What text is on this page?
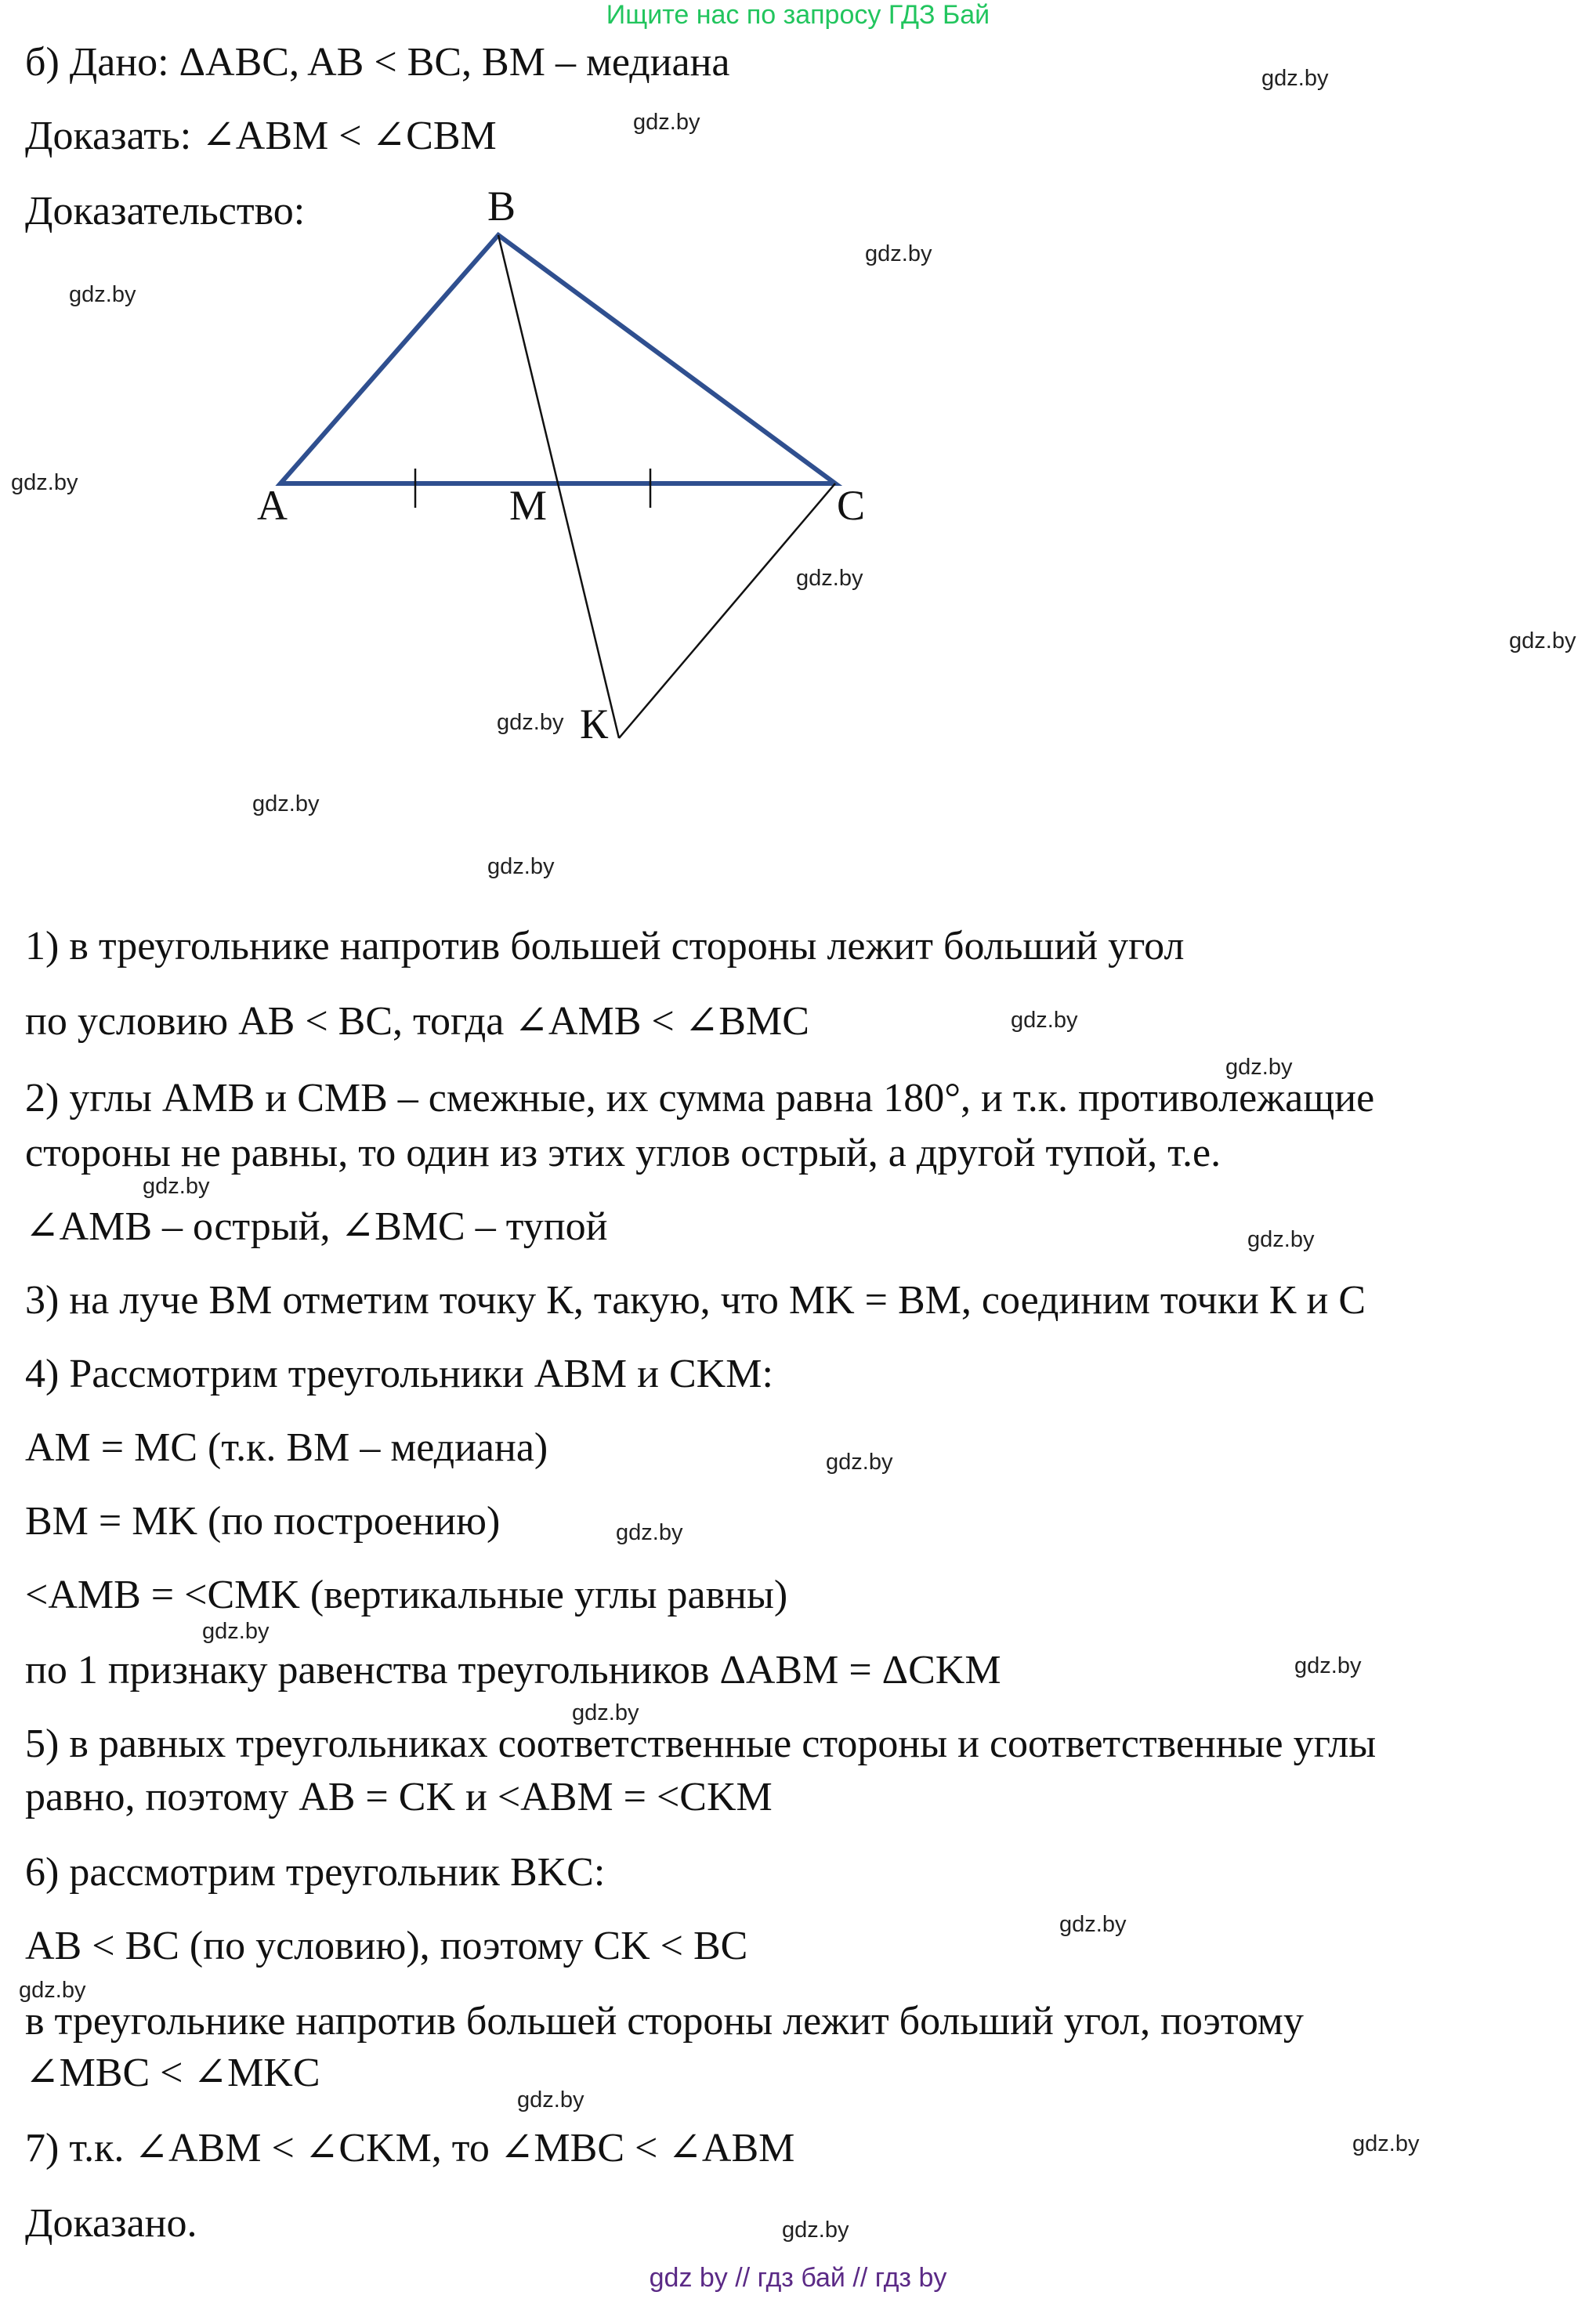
Ищите нас по запросу ГДЗ Бай
б) Дано: ΔABC, AB < BC, BM – медиана
Доказать: ∠ABM < ∠CBM
Доказательство:	B
A	M	C
К
1) в треугольнике напротив большей стороны лежит больший угол
по условию AB < BC, тогда ∠AMB < ∠BMC
2) углы AMB и CMB – смежные, их сумма равна 180°, и т.к. противолежащие
стороны не равны, то один из этих углов острый, а другой тупой, т.е.
∠AMB – острый, ∠BMC – тупой
3) на луче BM отметим точку К, такую, что MK = BM, соединим точки К и C
4) Рассмотрим треугольники ABM и CKM:
AM = MC (т.к. BM – медиана)
BM = MK (по построению)
<AMB = <CMK (вертикальные углы равны)
по 1 признаку равенства треугольников ΔABM = ΔCKM
5) в равных треугольниках соответственные стороны и соответственные углы
равно, поэтому AB = CK и <ABM = <CKM
6) рассмотрим треугольник BKC:
AB < BC (по условию), поэтому CK < BC
в треугольнике напротив большей стороны лежит больший угол, поэтому
∠MBC < ∠MKC
7) т.к. ∠ABM < ∠CKM, то ∠MBC < ∠ABM
Доказано.
gdz.by
gdz.by
gdz.by
gdz.by
gdz.by
gdz.by
gdz.by
gdz.by
gdz.by
gdz.by
gdz.by
gdz.by
gdz.by
gdz.by
gdz.by
gdz.by
gdz.by
gdz.by
gdz.by
gdz.by
gdz.by
gdz.by
gdz.by
gdz.by
gdz by // гдз бай // гдз by
